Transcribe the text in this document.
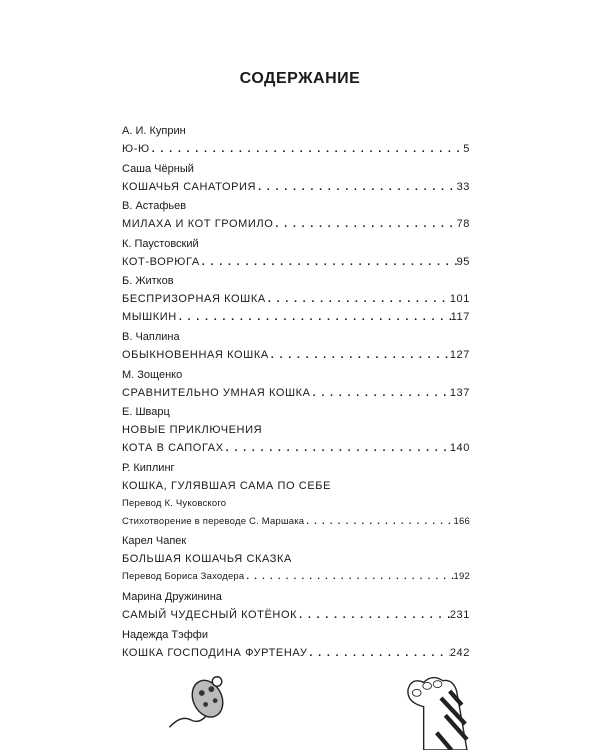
СОДЕРЖАНИЕ
А. И. Куприн
Ю-Ю . . .	5
Саша Чёрный
КОШАЧЬЯ САНАТОРИЯ . . .	33
В. Астафьев
МИЛАХА И КОТ ГРОМИЛО . . .	78
К. Паустовский
КОТ-ВОРЮГА . . .	95
Б. Житков
БЕСПРИЗОРНАЯ КОШКА . . .	101
МЫШКИН . . .	117
В. Чаплина
ОБЫКНОВЕННАЯ КОШКА . . .	127
М. Зощенко
СРАВНИТЕЛЬНО УМНАЯ КОШКА . . .	137
Е. Шварц
НОВЫЕ ПРИКЛЮЧЕНИЯ
КОТА В САПОГАХ . . .	140
Р. Киплинг
КОШКА, ГУЛЯВШАЯ САМА ПО СЕБЕ
Перевод К. Чуковского
Стихотворение в переводе С. Маршака . . .	166
Карел Чапек
БОЛЬШАЯ КОШАЧЬЯ СКАЗКА
Перевод Бориса Заходера . . .	192
Марина Дружинина
САМЫЙ ЧУДЕСНЫЙ КОТЁНОК . . .	231
Надежда Тэффи
КОШКА ГОСПОДИНА ФУРТЕНАУ . . .	242
